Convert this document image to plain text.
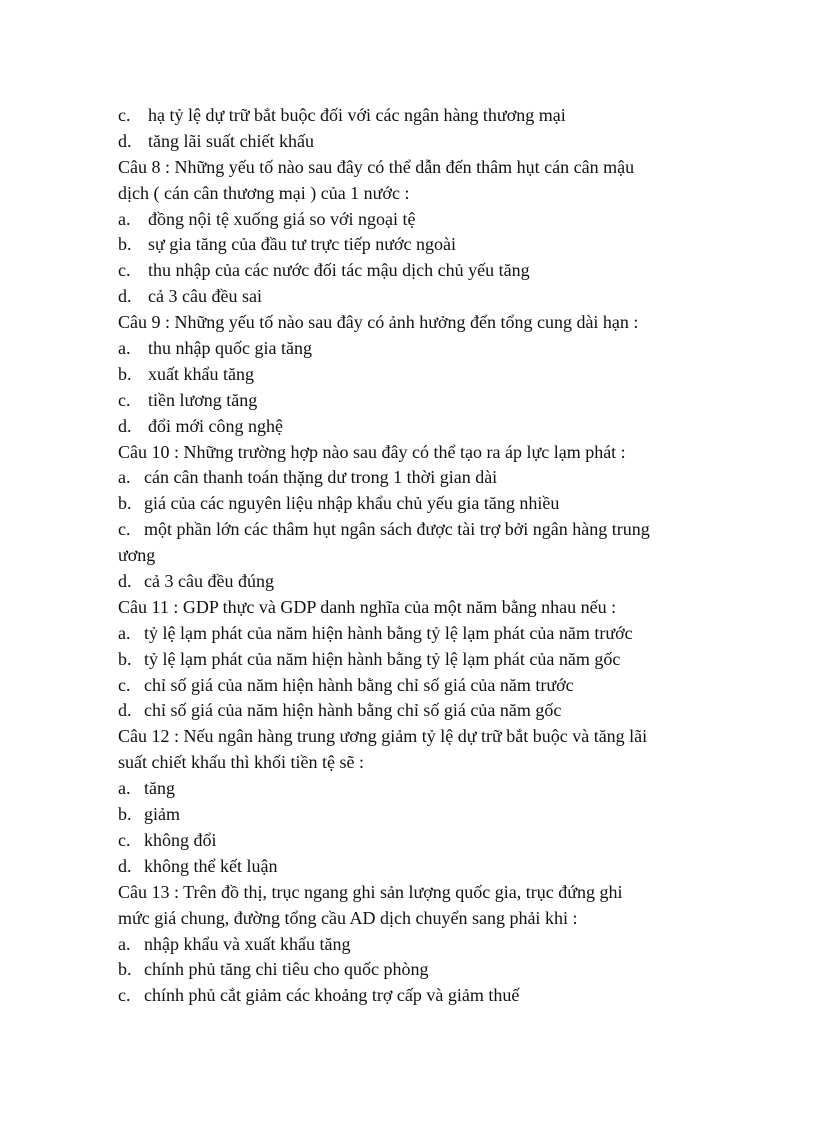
c. hạ tỷ lệ dự trữ bắt buộc đối với các ngân hàng thương mại
d. tăng lãi suất chiết khấu
Câu 8 : Những yếu tố nào sau đây có thể dẫn đến thâm hụt cán cân mậu
dịch ( cán cân thương mại ) của 1 nước :
a. đồng nội tệ xuống giá so với ngoại tệ
b. sự gia tăng của đầu tư trực tiếp nước ngoài
c. thu nhập của các nước đối tác mậu dịch chủ yếu tăng
d. cả 3 câu đều sai
Câu 9 : Những yếu tố nào sau đây có ảnh hưởng đến tổng cung dài hạn :
a. thu nhập quốc gia tăng
b. xuất khẩu tăng
c. tiền lương tăng
d. đổi mới công nghệ
Câu 10 : Những trường hợp nào sau đây có thể tạo ra áp lực lạm phát :
a. cán cân thanh toán thặng dư trong 1 thời gian dài
b. giá của các nguyên liệu nhập khẩu chủ yếu gia tăng nhiều
c. một phần lớn các thâm hụt ngân sách được tài trợ bởi ngân hàng trung
ương
d. cả 3 câu đều đúng
Câu 11 : GDP thực và GDP danh nghĩa của một năm bằng nhau nếu :
a. tỷ lệ lạm phát của năm hiện hành bằng tỷ lệ lạm phát của năm trước
b. tỷ lệ lạm phát của năm hiện hành bằng tỷ lệ lạm phát của năm gốc
c. chỉ số giá của năm hiện hành bằng chỉ số giá của năm trước
d. chỉ số giá của năm hiện hành bằng chỉ số giá của năm gốc
Câu 12 : Nếu ngân hàng trung ương giảm tỷ lệ dự trữ bắt buộc và tăng lãi
suất chiết khấu thì khối tiền tệ sẽ :
a. tăng
b. giảm
c. không đổi
d. không thể kết luận
Câu 13 : Trên đồ thị, trục ngang ghi sản lượng quốc gia, trục đứng ghi
mức giá chung, đường tổng cầu AD dịch chuyển sang phải khi :
a. nhập khẩu và xuất khẩu tăng
b. chính phủ tăng chi tiêu cho quốc phòng
c. chính phủ cắt giảm các khoảng trợ cấp và giảm thuế
